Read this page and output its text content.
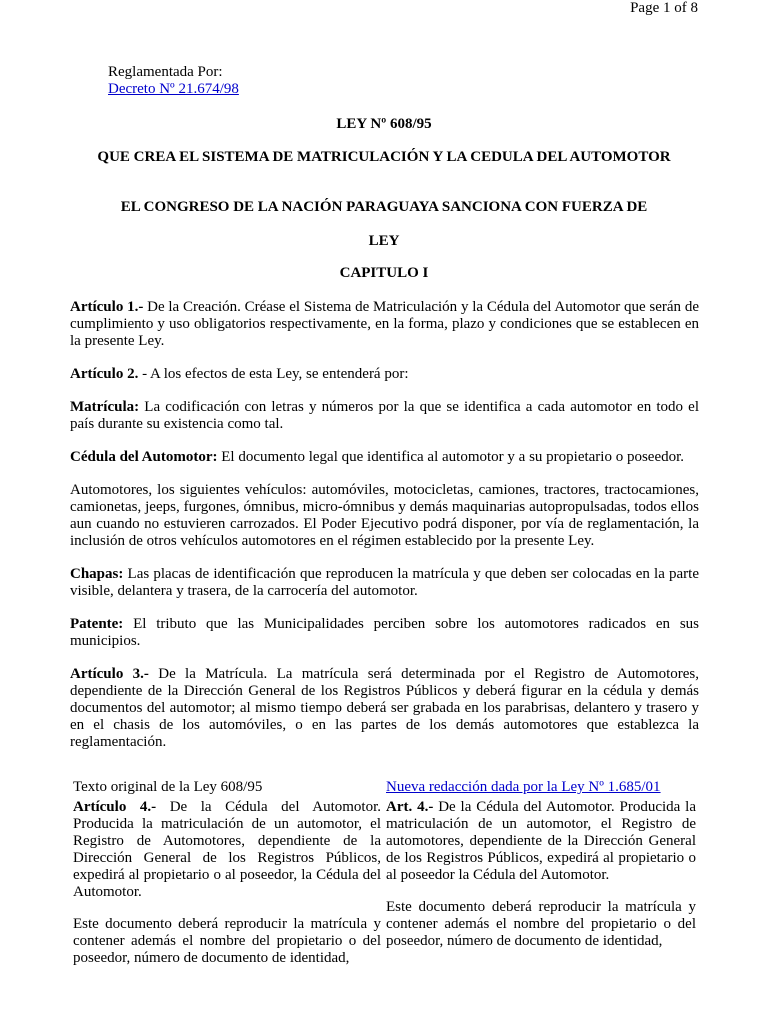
Page 1 of 8
Reglamentada Por:
Decreto Nº 21.674/98
LEY Nº 608/95
QUE CREA EL SISTEMA DE MATRICULACIÓN Y LA CEDULA DEL AUTOMOTOR
EL CONGRESO DE LA NACIÓN PARAGUAYA SANCIONA CON FUERZA DE
LEY
CAPITULO I

Artículo 1.- De la Creación. Créase el Sistema de Matriculación y la Cédula del Automotor que serán de cumplimiento y uso obligatorios respectivamente, en la forma, plazo y condiciones que se establecen en la presente Ley.

Artículo 2. - A los efectos de esta Ley, se entenderá por:

Matrícula: La codificación con letras y números por la que se identifica a cada automotor en todo el país durante su existencia como tal.

Cédula del Automotor: El documento legal que identifica al automotor y a su propietario o poseedor.

Automotores, los siguientes vehículos: automóviles, motocicletas, camiones, tractores, tractocamiones, camionetas, jeeps, furgones, ómnibus, micro-ómnibus y demás maquinarias autopropulsadas, todos ellos aun cuando no estuvieren carrozados. El Poder Ejecutivo podrá disponer, por vía de reglamentación, la inclusión de otros vehículos automotores en el régimen establecido por la presente Ley.

Chapas: Las placas de identificación que reproducen la matrícula y que deben ser colocadas en la parte visible, delantera y trasera, de la carrocería del automotor.

Patente: El tributo que las Municipalidades perciben sobre los automotores radicados en sus municipios.

Artículo 3.- De la Matrícula. La matrícula será determinada por el Registro de Automotores, dependiente de la Dirección General de los Registros Públicos y deberá figurar en la cédula y demás documentos del automotor; al mismo tiempo deberá ser grabada en los parabrisas, delantero y trasero y en el chasis de los automóviles, o en las partes de los demás automotores que establezca la reglamentación.

Texto original de la Ley 608/95	Nueva redacción dada por la Ley Nº 1.685/01

Artículo 4.- De la Cédula del Automotor. Producida la matriculación de un automotor, el Registro de Automotores, dependiente de la Dirección General de los Registros Públicos, expedirá al propietario o al poseedor, la Cédula del Automotor.

Este documento deberá reproducir la matrícula y contener además el nombre del propietario o del poseedor, número de documento de identidad,

Art. 4.- De la Cédula del Automotor. Producida la matriculación de un automotor, el Registro de automotores, dependiente de la Dirección General de los Registros Públicos, expedirá al propietario o al poseedor la Cédula del Automotor.

Este documento deberá reproducir la matrícula y contener además el nombre del propietario o del poseedor, número de documento de identidad,
